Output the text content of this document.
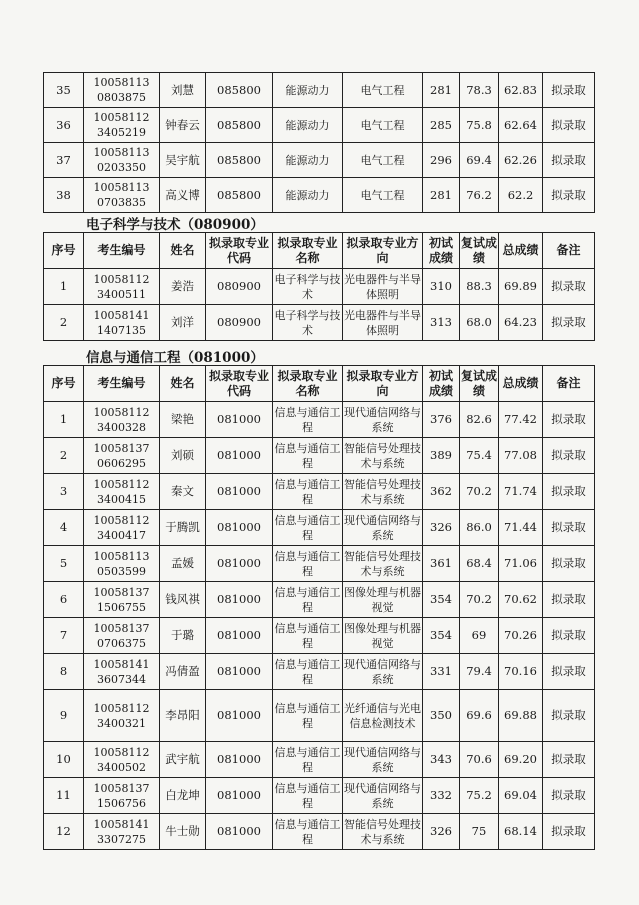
35	10058113 0803875	刘慧	085800	能源动力	电气工程	281	78.3	62.83	拟录取
36	10058112 3405219	钟春云	085800	能源动力	电气工程	285	75.8	62.64	拟录取
37	10058113 0203350	吴宇航	085800	能源动力	电气工程	296	69.4	62.26	拟录取
38	10058113 0703835	高义博	085800	能源动力	电气工程	281	76.2	62.2	拟录取
电子科学与技术（080900）
序号	考生编号	姓名	拟录取专业代码	拟录取专业名称	拟录取专业方向	初试成绩	复试成绩	总成绩	备注
1	10058112 3400511	姜浩	080900	电子科学与技术	光电器件与半导体照明	310	88.3	69.89	拟录取
2	10058141 1407135	刘洋	080900	电子科学与技术	光电器件与半导体照明	313	68.0	64.23	拟录取
信息与通信工程（081000）
序号	考生编号	姓名	拟录取专业代码	拟录取专业名称	拟录取专业方向	初试成绩	复试成绩	总成绩	备注
1	10058112 3400328	梁艳	081000	信息与通信工程	现代通信网络与系统	376	82.6	77.42	拟录取
2	10058137 0606295	刘硕	081000	信息与通信工程	智能信号处理技术与系统	389	75.4	77.08	拟录取
3	10058112 3400415	秦文	081000	信息与通信工程	智能信号处理技术与系统	362	70.2	71.74	拟录取
4	10058112 3400417	于腾凯	081000	信息与通信工程	现代通信网络与系统	326	86.0	71.44	拟录取
5	10058113 0503599	孟媛	081000	信息与通信工程	智能信号处理技术与系统	361	68.4	71.06	拟录取
6	10058137 1506755	钱风祺	081000	信息与通信工程	图像处理与机器视觉	354	70.2	70.62	拟录取
7	10058137 0706375	于璐	081000	信息与通信工程	图像处理与机器视觉	354	69	70.26	拟录取
8	10058141 3607344	冯倩盈	081000	信息与通信工程	现代通信网络与系统	331	79.4	70.16	拟录取
9	10058112 3400321	李昂阳	081000	信息与通信工程	光纤通信与光电信息检测技术	350	69.6	69.88	拟录取
10	10058112 3400502	武宇航	081000	信息与通信工程	现代通信网络与系统	343	70.6	69.20	拟录取
11	10058137 1506756	白龙坤	081000	信息与通信工程	现代通信网络与系统	332	75.2	69.04	拟录取
12	10058141 3307275	牛士勋	081000	信息与通信工程	智能信号处理技术与系统	326	75	68.14	拟录取
